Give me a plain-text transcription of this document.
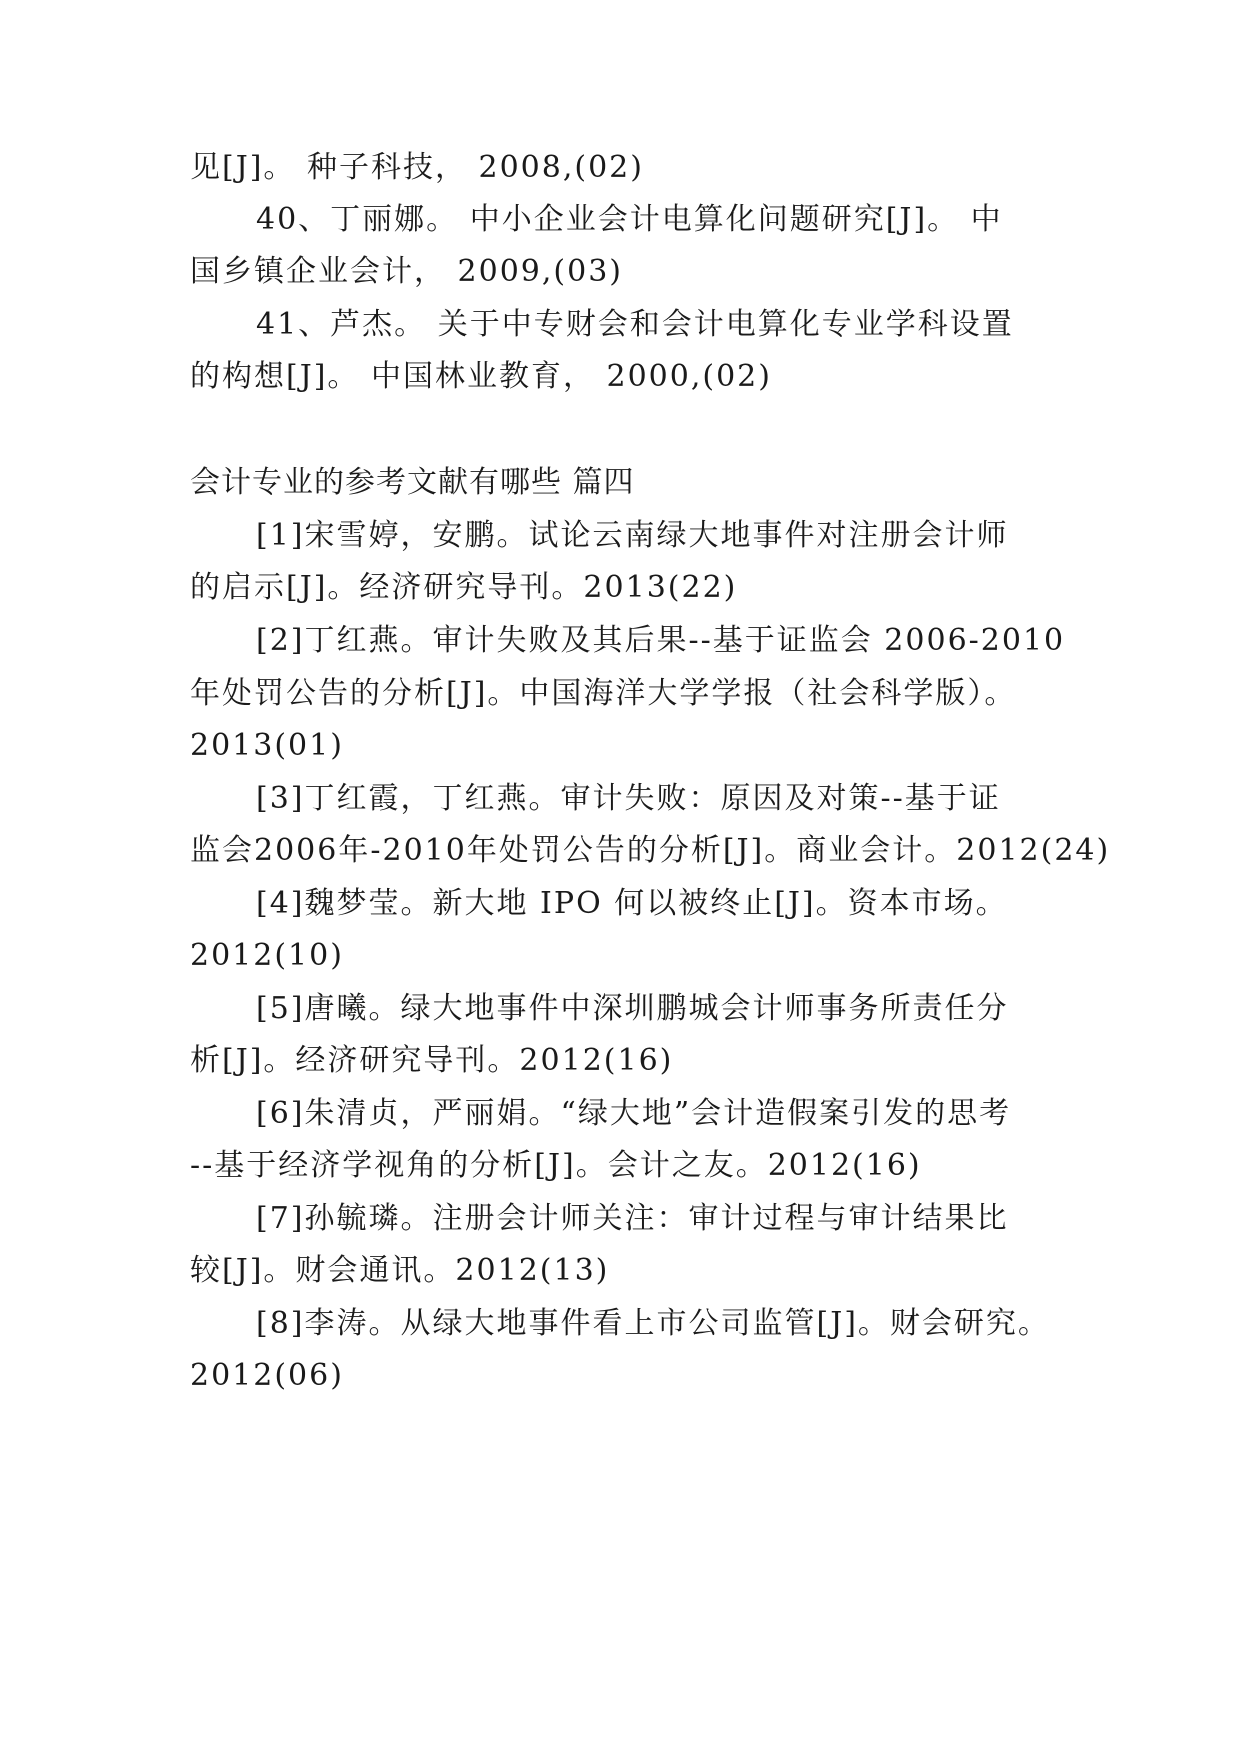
见[J]。 种子科技， 2008,(02)
40、丁丽娜。 中小企业会计电算化问题研究[J]。 中
国乡镇企业会计， 2009,(03)
41、芦杰。 关于中专财会和会计电算化专业学科设置
的构想[J]。 中国林业教育， 2000,(02)
会计专业的参考文献有哪些 篇四
[1]宋雪婷，安鹏。试论云南绿大地事件对注册会计师
的启示[J]。经济研究导刊。2013(22)
[2]丁红燕。审计失败及其后果--基于证监会 2006-2010
年处罚公告的分析[J]。中国海洋大学学报（社会科学版）。
2013(01)
[3]丁红霞，丁红燕。审计失败：原因及对策--基于证
监会2006年-2010年处罚公告的分析[J]。商业会计。2012(24)
[4]魏梦莹。新大地 IPO 何以被终止[J]。资本市场。
2012(10)
[5]唐曦。绿大地事件中深圳鹏城会计师事务所责任分
析[J]。经济研究导刊。2012(16)
[6]朱清贞，严丽娟。“绿大地”会计造假案引发的思考
--基于经济学视角的分析[J]。会计之友。2012(16)
[7]孙毓璘。注册会计师关注：审计过程与审计结果比
较[J]。财会通讯。2012(13)
[8]李涛。从绿大地事件看上市公司监管[J]。财会研究。
2012(06)
